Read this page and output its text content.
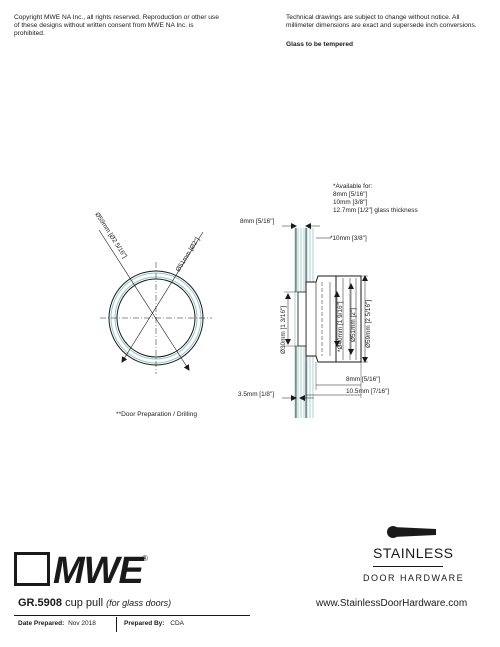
Copyright MWE NA Inc., all rights reserved. Reproduction or other use of these designs without written consent from MWE NA Inc. is prohibited.

Technical drawings are subject to change without notice. All millimeter dimensions are exact and supersede inch conversions.

Glass to be tempered

*Available for:

8mm [5/16"]

10mm [3/8"]

12.7mm [1/2"] glass thickness

Ø59mm [Ø2 5/16"]	Ø51mm [Ø2"]
8mm [5/16"]
*10mm [3/8"]
Ø30mm [1 3/16"]	*Ø40mm [1 9/16"] Ø51mm [2"] Ø59mm [2 5/16"]
8mm [5/16"]
10.5mm [7/16"]
3.5mm [1/8"]

**Door Preparation / Drilling

MWE ®	STAINLESS
DOOR HARDWARE
GR.5908 cup pull (for glass doors)	www.StainlessDoorHardware.com
Date Prepared: Nov 2018	Prepared By: CDA
